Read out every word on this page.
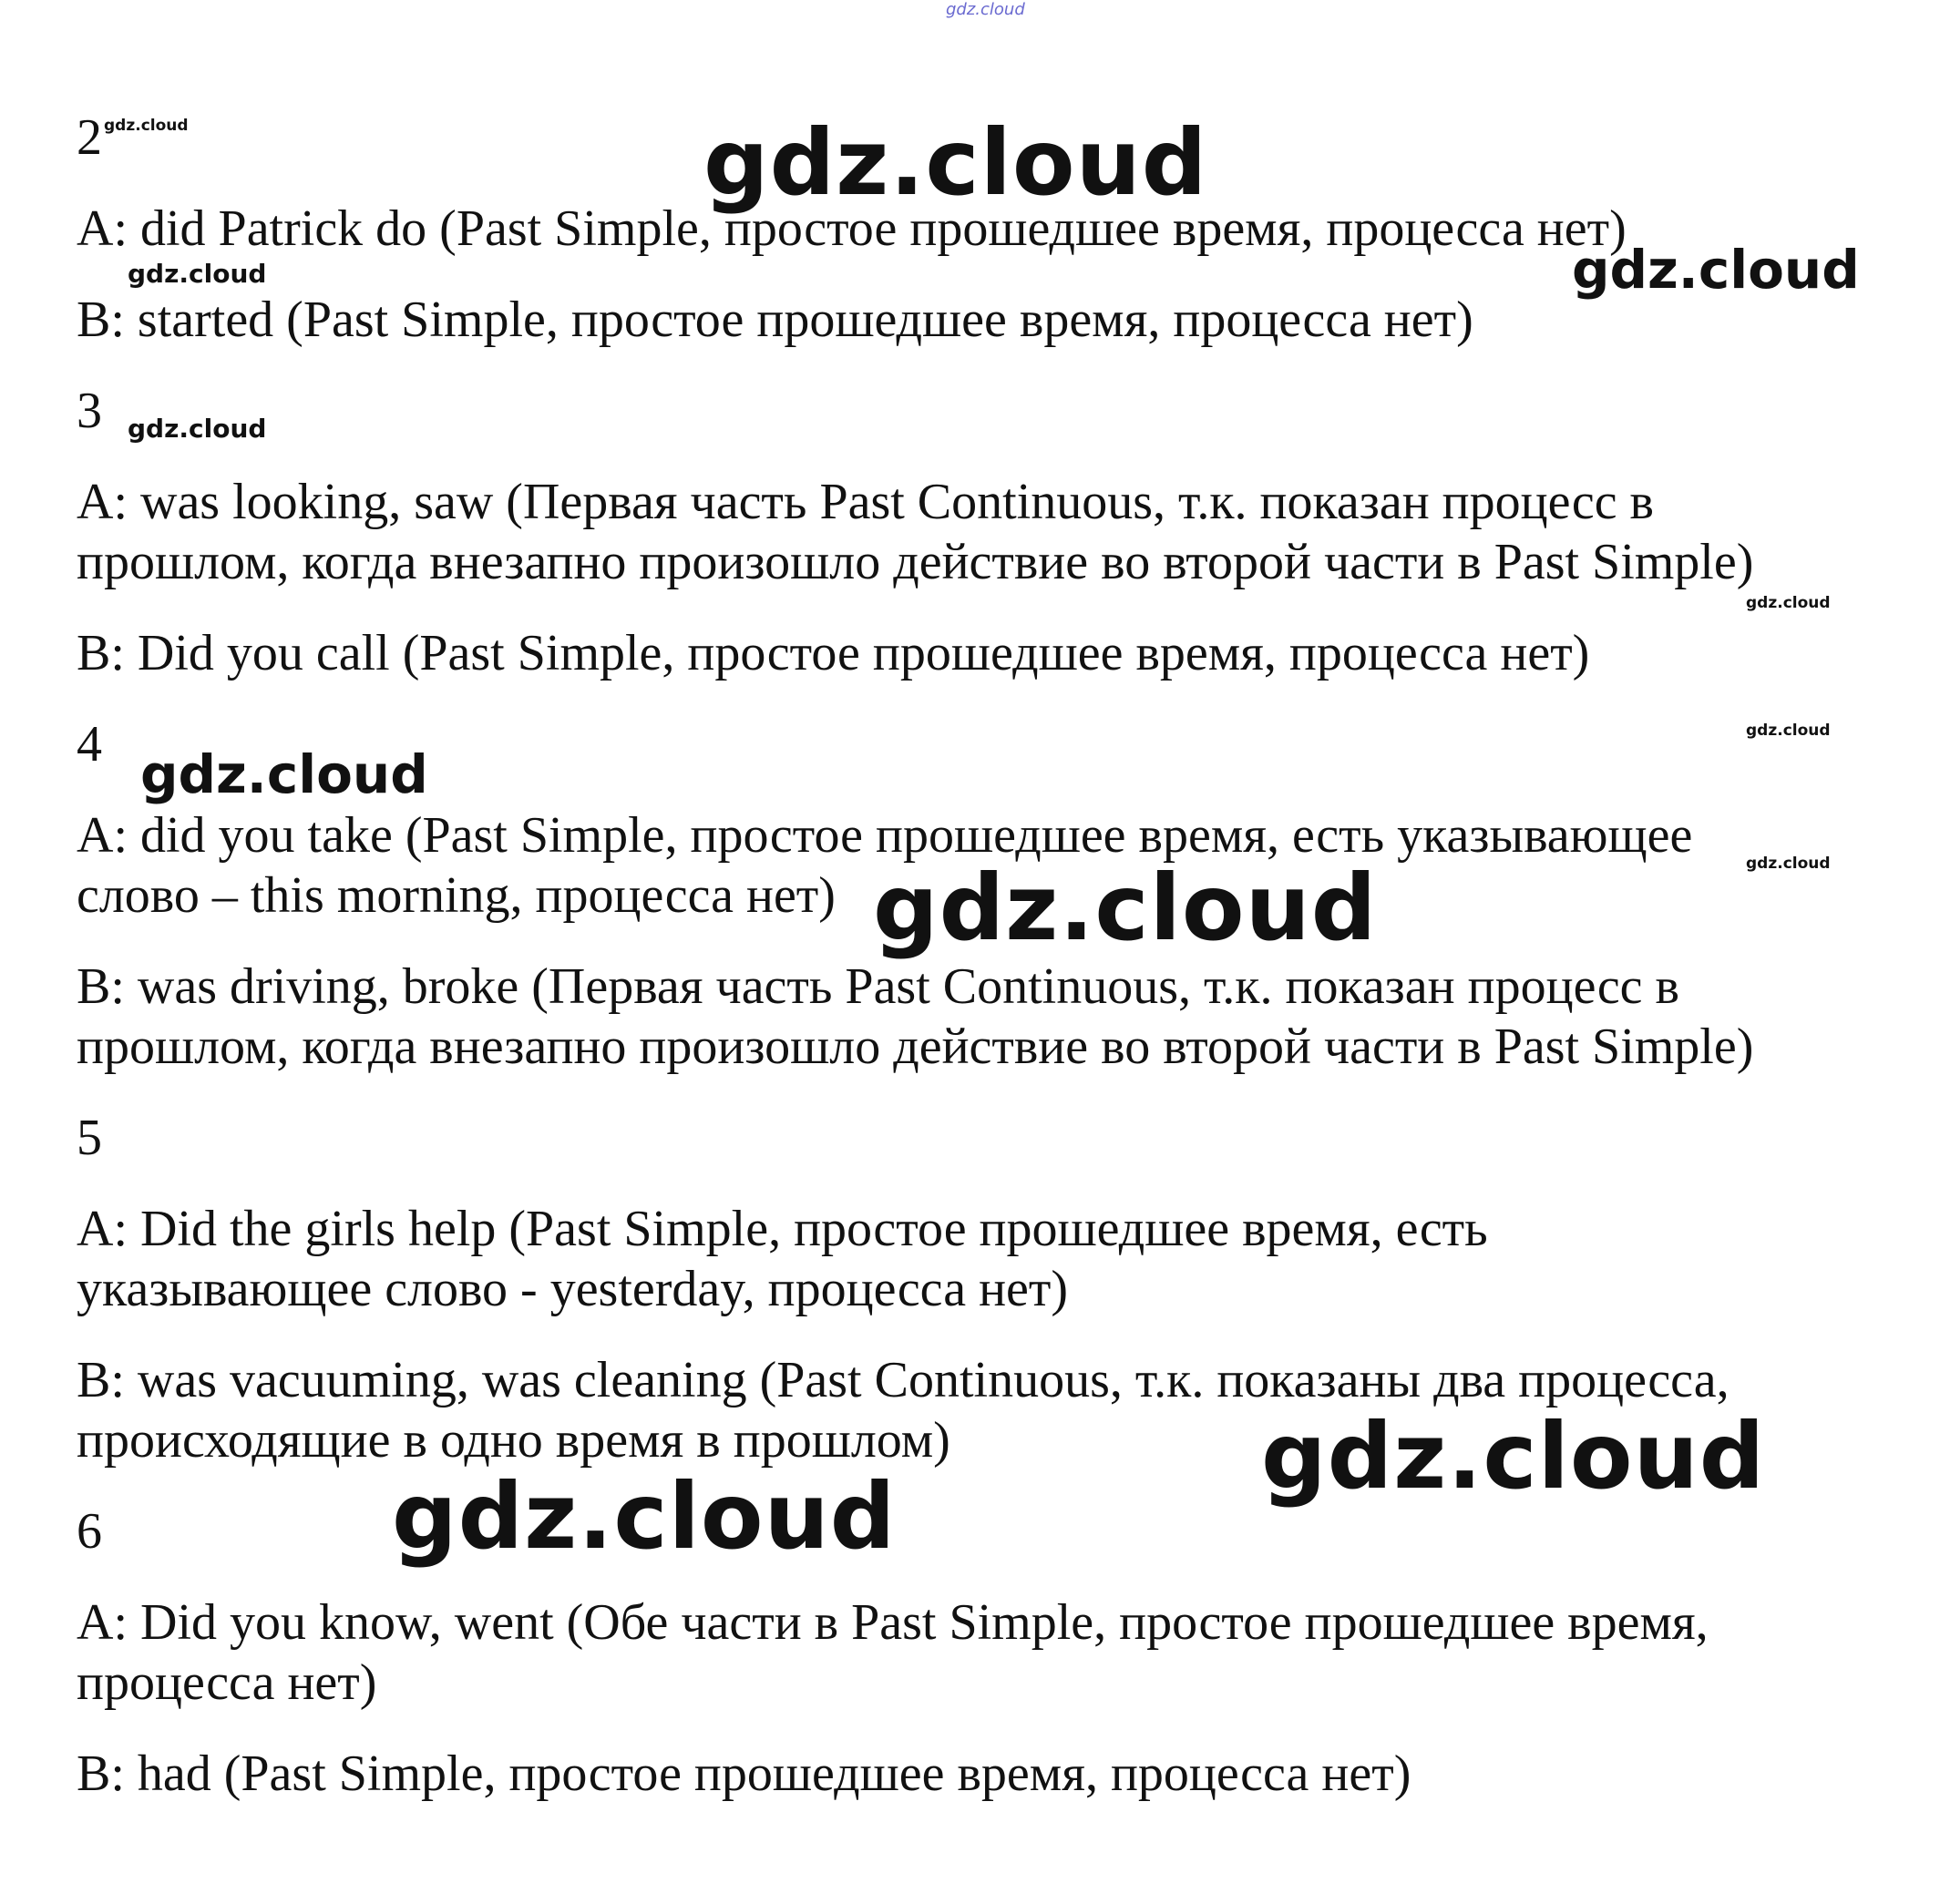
gdz.cloud
2
A: did Patrick do (Past Simple, простое прошедшее время, процесса нет)
B: started (Past Simple, простое прошедшее время, процесса нет)
3
A: was looking, saw (Первая часть Past Continuous, т.к. показан процесс в
прошлом, когда внезапно произошло действие во второй части в Past Simple)
B: Did you call (Past Simple, простое прошедшее время, процесса нет)
4
A: did you take (Past Simple, простое прошедшее время, есть указывающее
слово – this morning, процесса нет)
B: was driving, broke (Первая часть Past Continuous, т.к. показан процесс в
прошлом, когда внезапно произошло действие во второй части в Past Simple)
5
A: Did the girls help (Past Simple, простое прошедшее время, есть
указывающее слово - yesterday, процесса нет)
B: was vacuuming, was cleaning (Past Continuous, т.к. показаны два процесса,
происходящие в одно время в прошлом)
6
A: Did you know, went (Обе части в Past Simple, простое прошедшее время,
процесса нет)
B: had (Past Simple, простое прошедшее время, процесса нет)
gdz.cloud	gdz.cloud
gdz.cloud	gdz.cloud
gdz.cloud
gdz.cloud
gdz.cloud
gdz.cloud
gdz.cloud
gdz.cloud
gdz.cloud
gdz.cloud
